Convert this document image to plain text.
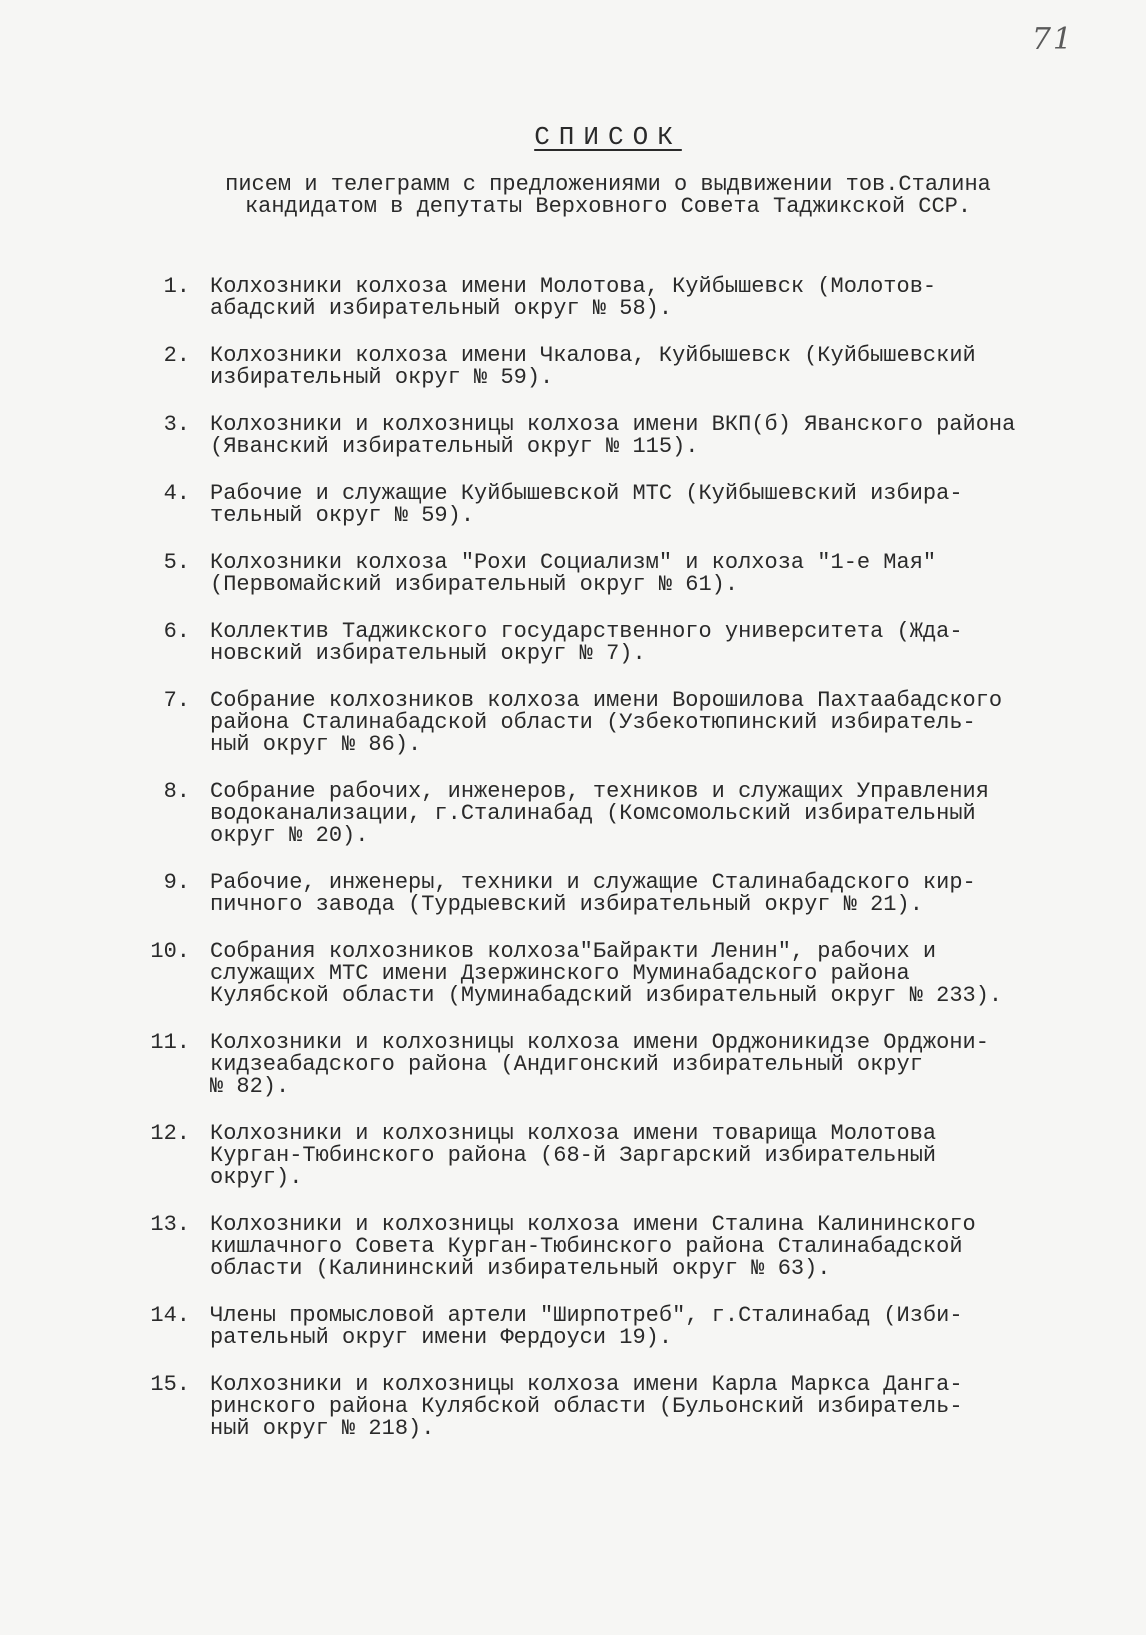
71
СПИСОК
писем и телеграмм с предложениями о выдвижении тов.Сталина
кандидатом в депутаты Верховного Совета Таджикской ССР.
1. Колхозники колхоза имени Молотова, Куйбышевск (Молотов-
абадский избирательный округ № 58).
2. Колхозники колхоза имени Чкалова, Куйбышевск (Куйбышевский
избирательный округ № 59).
3. Колхозники и колхозницы колхоза имени ВКП(б) Яванского района
(Яванский избирательный округ № 115).
4. Рабочие и служащие Куйбышевской МТС (Куйбышевский избира-
тельный округ № 59).
5. Колхозники колхоза "Рохи Социализм" и колхоза "1-е Мая"
(Первомайский избирательный округ № 61).
6. Коллектив Таджикского государственного университета (Жда-
новский избирательный округ № 7).
7. Собрание колхозников колхоза имени Ворошилова Пахтаабадского
района Сталинабадской области (Узбекотюпинский избиратель-
ный округ № 86).
8. Собрание рабочих, инженеров, техников и служащих Управления
водоканализации, г.Сталинабад (Комсомольский избирательный
округ № 20).
9. Рабочие, инженеры, техники и служащие Сталинабадского кир-
пичного завода (Турдыевский избирательный округ № 21).
10. Собрания колхозников колхоза"Байракти Ленин", рабочих и
служащих МТС имени Дзержинского Муминабадского района
Кулябской области (Муминабадский избирательный округ № 233).
11. Колхозники и колхозницы колхоза имени Орджоникидзе Орджони-
кидзеабадского района (Андигонский избирательный округ
№ 82).
12. Колхозники и колхозницы колхоза имени товарища Молотова
Курган-Тюбинского района (68-й Заргарский избирательный
округ).
13. Колхозники и колхозницы колхоза имени Сталина Калининского
кишлачного Совета Курган-Тюбинского района Сталинабадской
области (Калининский избирательный округ № 63).
14. Члены промысловой артели "Ширпотреб", г.Сталинабад (Изби-
рательный округ имени Фердоуси 19).
15. Колхозники и колхозницы колхоза имени Карла Маркса Данга-
ринского района Кулябской области (Бульонский избиратель-
ный округ № 218).
